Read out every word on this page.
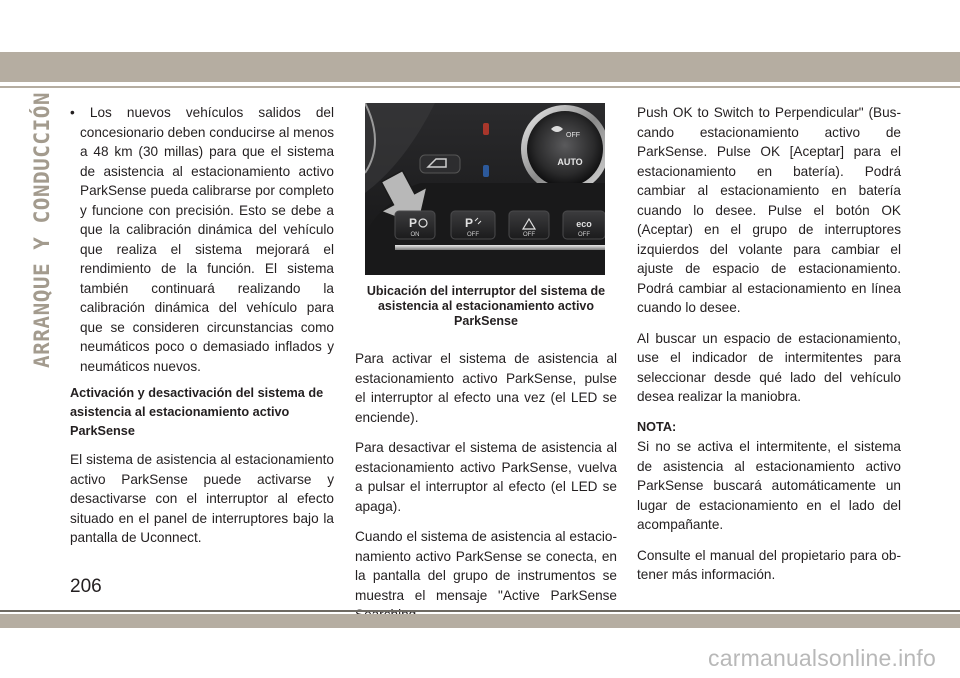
ARRANQUE Y CONDUCCIÓN • Los nuevos vehículos salidos del concesionario deben conducirse al menos a 48 km (30 millas) para que el sistema de asistencia al estacionamiento activo ParkSense pueda calibrarse por completo y funcione con precisión. Esto se debe a que la calibración dinámica del vehículo que realiza el sistema mejorará el rendimiento de la función. El sistema también continuará realizando la calibración dinámica del vehículo para que se consideren circunstancias como neumáticos poco o demasiado inflados y neumáticos nuevos.

Activación y desactivación del sistema de asistencia al estacionamiento activo ParkSense

El sistema de asistencia al estacionamiento activo ParkSense puede activarse y desactivarse con el interruptor al efecto situado en el panel de interruptores bajo la pantalla de Uconnect.

OFF
AUTO
P
ON
P
OFF	OFF
eco
OFF
Ubicación del interruptor del sistema de asistencia al estacionamiento activo ParkSense

Para activar el sistema de asistencia al estacionamiento activo ParkSense, pulse el interruptor al efecto una vez (el LED se enciende).

Para desactivar el sistema de asistencia al estacionamiento activo ParkSense, vuelva a pulsar el interruptor al efecto (el LED se apaga).

Cuando el sistema de asistencia al estacionamiento activo ParkSense se conecta, en la pantalla del grupo de instrumentos se muestra el mensaje "Active ParkSense

Push OK to Switch to Perpendicular" (Buscando estacionamiento activo de ParkSense. Pulse OK [Aceptar] para el estacionamiento en batería). Podrá cambiar al estacionamiento en batería cuando lo desee. Pulse el botón OK (Aceptar) en el grupo de interruptores izquierdos del volante para cambiar el ajuste de espacio de estacionamiento. Podrá cambiar al estacionamiento en línea cuando lo desee.

Al buscar un espacio de estacionamiento, use el indicador de intermitentes para seleccionar desde qué lado del vehículo desea realizar la maniobra.

NOTA:

Si no se activa el intermitente, el sistema de asistencia al estacionamiento activo ParkSense buscará automáticamente un lugar de estacionamiento en el lado del acompañante.

Consulte el manual del propietario para obtener más información.

206
carmanualsonline.info
